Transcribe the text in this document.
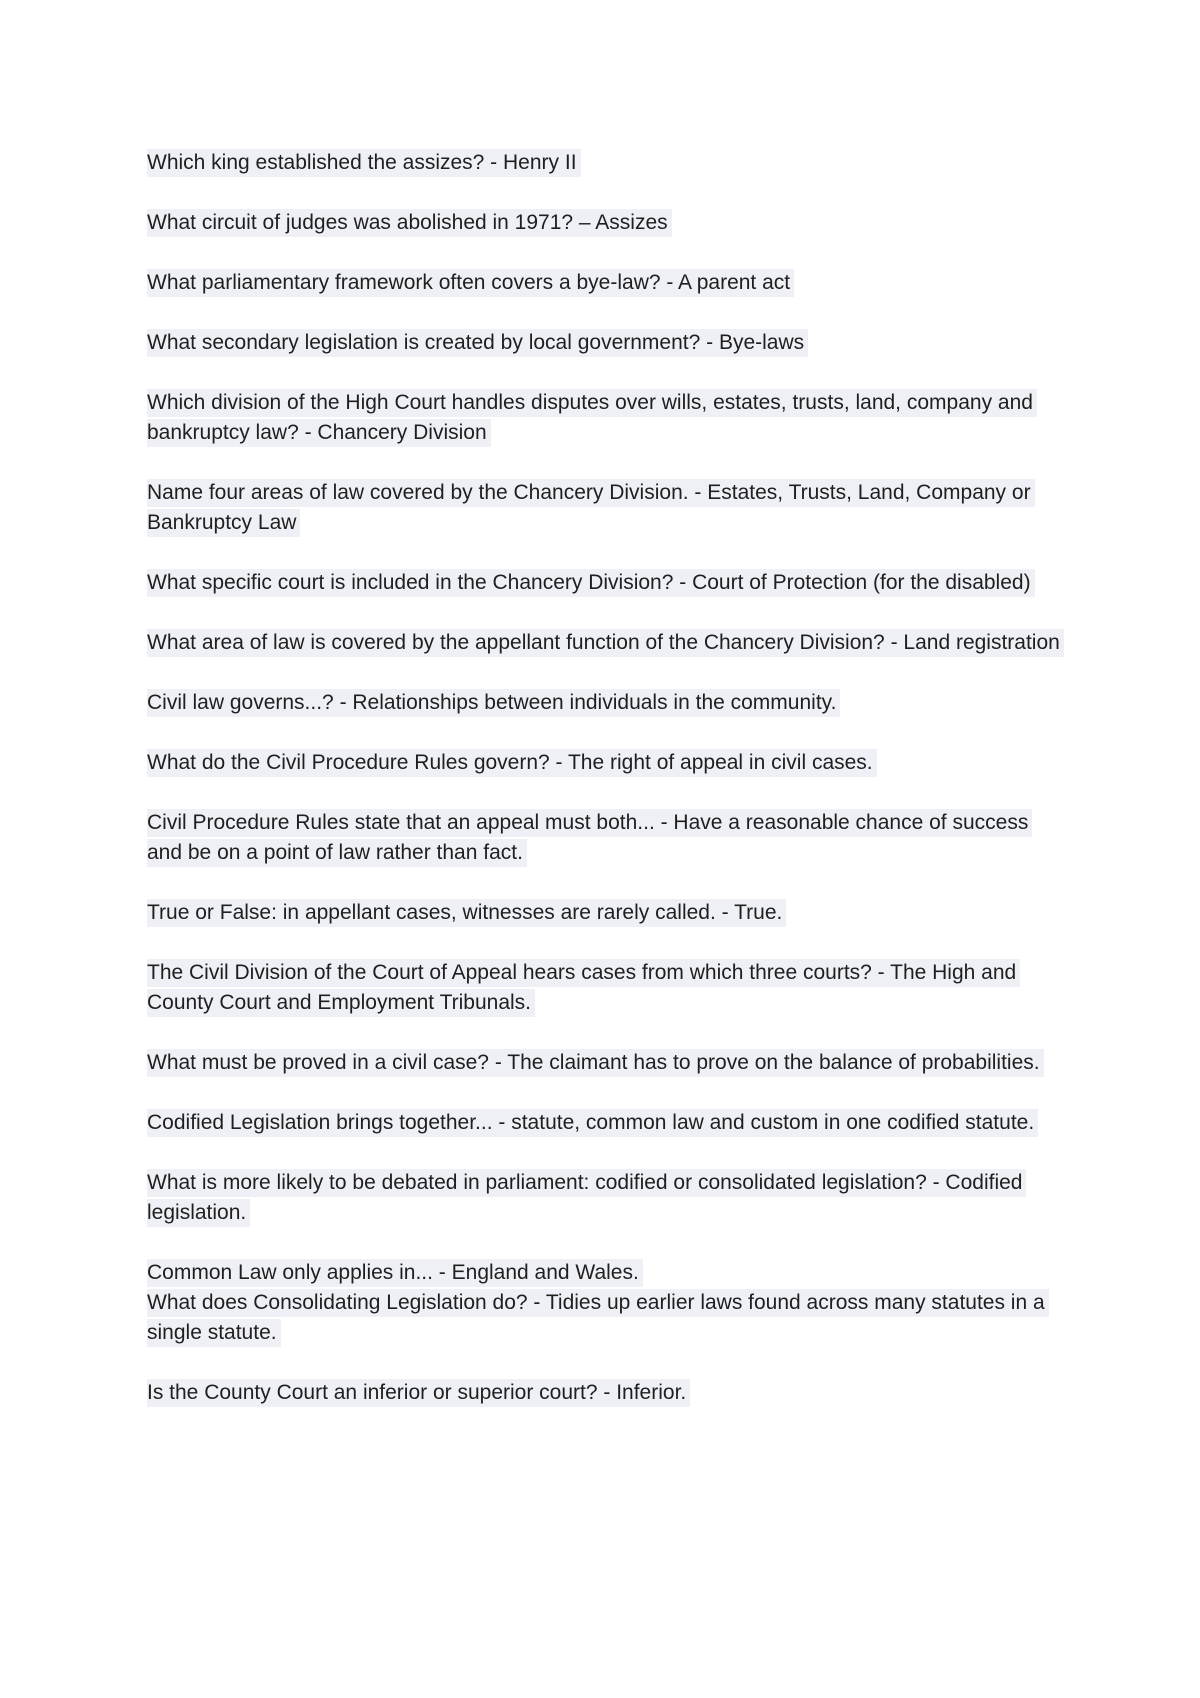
Which king established the assizes? - Henry II

What circuit of judges was abolished in 1971? – Assizes

What parliamentary framework often covers a bye-law? - A parent act

What secondary legislation is created by local government? - Bye-laws

Which division of the High Court handles disputes over wills, estates, trusts, land, company and bankruptcy law? - Chancery Division

Name four areas of law covered by the Chancery Division. - Estates, Trusts, Land, Company or Bankruptcy Law

What specific court is included in the Chancery Division? - Court of Protection (for the disabled)

What area of law is covered by the appellant function of the Chancery Division? - Land registration

Civil law governs...? - Relationships between individuals in the community.

What do the Civil Procedure Rules govern? - The right of appeal in civil cases.

Civil Procedure Rules state that an appeal must both... - Have a reasonable chance of success and be on a point of law rather than fact.

True or False: in appellant cases, witnesses are rarely called. - True.

The Civil Division of the Court of Appeal hears cases from which three courts? - The High and County Court and Employment Tribunals.

What must be proved in a civil case? - The claimant has to prove on the balance of probabilities.

Codified Legislation brings together... - statute, common law and custom in one codified statute.

What is more likely to be debated in parliament: codified or consolidated legislation? - Codified legislation.

Common Law only applies in... - England and Wales.

What does Consolidating Legislation do? - Tidies up earlier laws found across many statutes in a single statute.

Is the County Court an inferior or superior court? - Inferior.
